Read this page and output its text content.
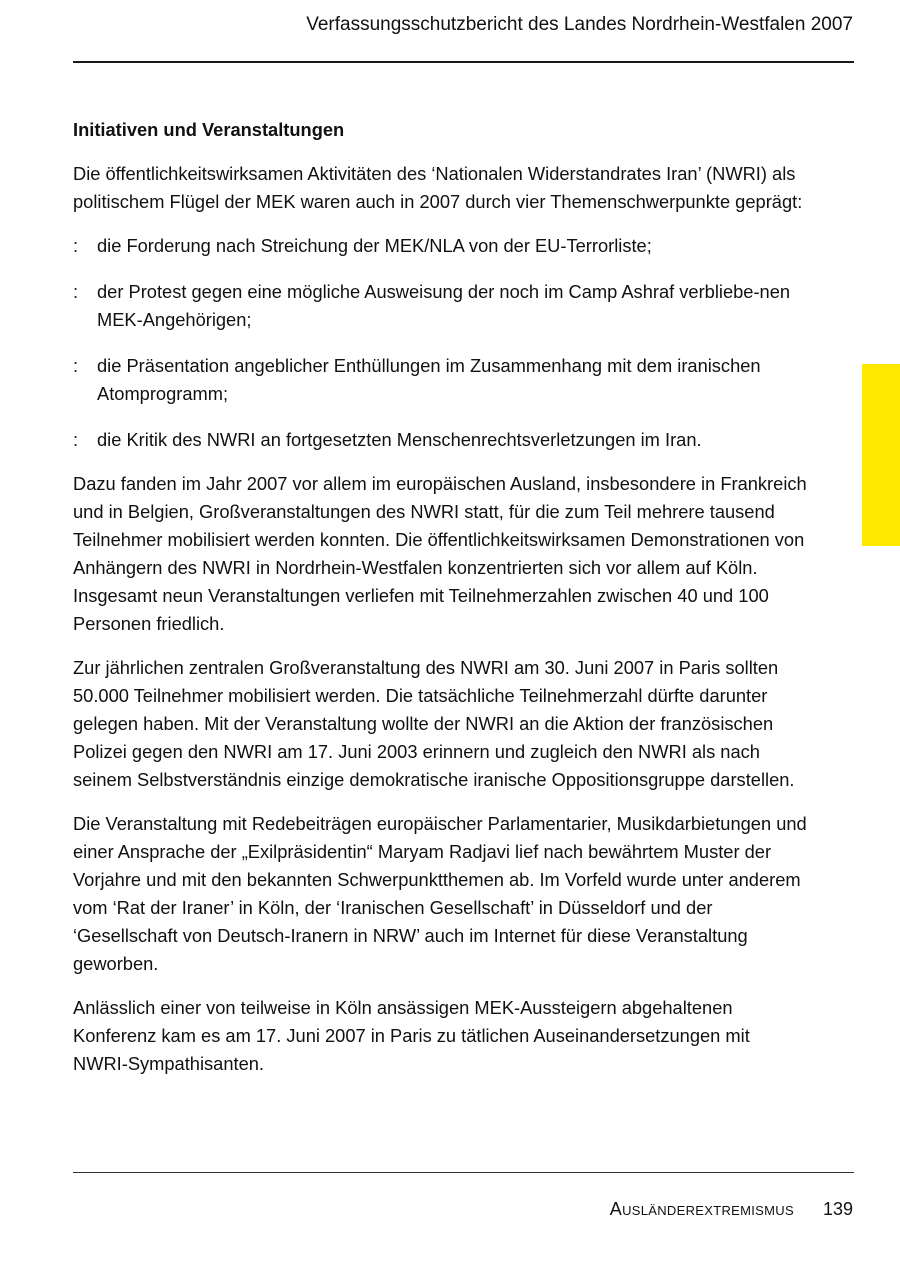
Verfassungsschutzbericht des Landes Nordrhein-Westfalen 2007

Initiativen und Veranstaltungen

Die öffentlichkeitswirksamen Aktivitäten des ‘Nationalen Widerstandrates Iran’ (NWRI) als politischem Flügel der MEK waren auch in 2007 durch vier Themenschwerpunkte geprägt:

: die Forderung nach Streichung der MEK/NLA von der EU-Terrorliste;
: der Protest gegen eine mögliche Ausweisung der noch im Camp Ashraf verbliebe-nen MEK-Angehörigen;
: die Präsentation angeblicher Enthüllungen im Zusammenhang mit dem iranischen Atomprogramm;
: die Kritik des NWRI an fortgesetzten Menschenrechtsverletzungen im Iran.

Dazu fanden im Jahr 2007 vor allem im europäischen Ausland, insbesondere in Frankreich und in Belgien, Großveranstaltungen des NWRI statt, für die zum Teil mehrere tausend Teilnehmer mobilisiert werden konnten. Die öffentlichkeitswirksamen Demonstrationen von Anhängern des NWRI in Nordrhein-Westfalen konzentrierten sich vor allem auf Köln. Insgesamt neun Veranstaltungen verliefen mit Teilnehmerzahlen zwischen 40 und 100 Personen friedlich.

Zur jährlichen zentralen Großveranstaltung des NWRI am 30. Juni 2007 in Paris sollten 50.000 Teilnehmer mobilisiert werden. Die tatsächliche Teilnehmerzahl dürfte darunter gelegen haben. Mit der Veranstaltung wollte der NWRI an die Aktion der französischen Polizei gegen den NWRI am 17. Juni 2003 erinnern und zugleich den NWRI als nach seinem Selbstverständnis einzige demokratische iranische Oppositionsgruppe darstellen.

Die Veranstaltung mit Redebeiträgen europäischer Parlamentarier, Musikdarbietungen und einer Ansprache der „Exilpräsidentin“ Maryam Radjavi lief nach bewährtem Muster der Vorjahre und mit den bekannten Schwerpunktthemen ab. Im Vorfeld wurde unter anderem vom ‘Rat der Iraner’ in Köln, der ‘Iranischen Gesellschaft’ in Düsseldorf und der ‘Gesellschaft von Deutsch-Iranern in NRW’ auch im Internet für diese Veranstaltung geworben.

Anlässlich einer von teilweise in Köln ansässigen MEK-Aussteigern abgehaltenen Konferenz kam es am 17. Juni 2007 in Paris zu tätlichen Auseinandersetzungen mit NWRI-Sympathisanten.

Ausländerextremismus 139
